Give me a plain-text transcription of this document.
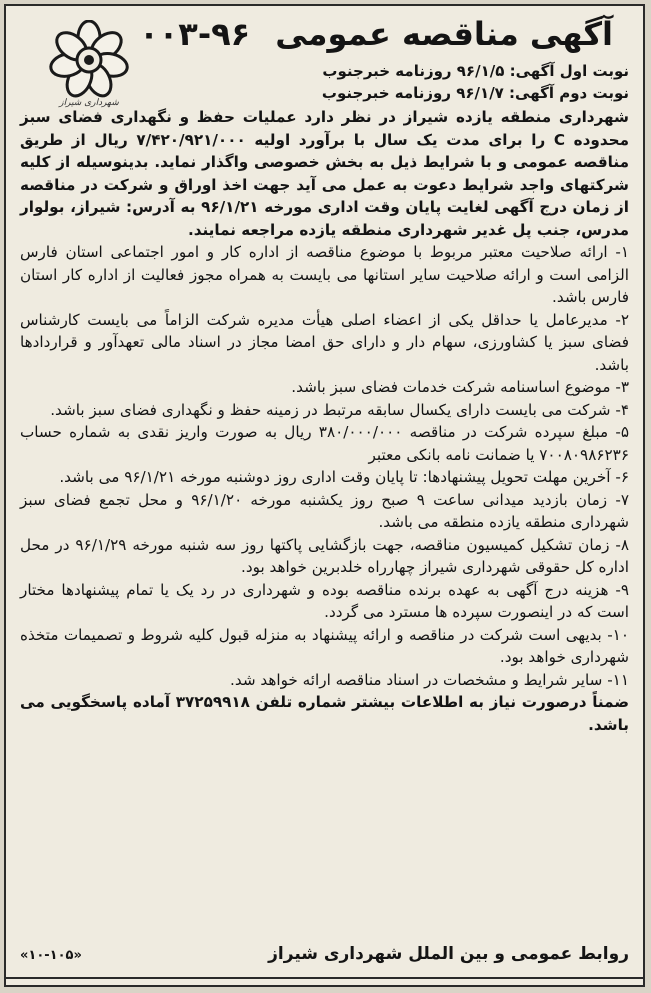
شهرداری شیراز
آگهی مناقصه عمومی ۹۶-۰۰۳
نوبت اول آگهی: ۹۶/۱/۵ روزنامه خبرجنوب
نوبت دوم آگهی: ۹۶/۱/۷ روزنامه خبرجنوب

شهرداری منطقه یازده شیراز در نظر دارد عملیات حفظ و نگهداری فضای سبز محدوده C را برای مدت یک سال با برآورد اولیه ۷/۴۲۰/۹۲۱/۰۰۰ ریال از طریق مناقصه عمومی و با شرایط ذیل به بخش خصوصی واگذار نماید. بدینوسیله از کلیه شرکتهای واجد شرایط دعوت به عمل می آید جهت اخذ اوراق و شرکت در مناقصه از زمان درج آگهی لغایت پایان وقت اداری مورخه ۹۶/۱/۲۱ به آدرس: شیراز، بولوار مدرس، جنب پل غدیر شهرداری منطقه یازده مراجعه نمایند.

۱- ارائه صلاحیت معتبر مربوط با موضوع مناقصه از اداره کار و امور اجتماعی استان فارس الزامی است و ارائه صلاحیت سایر استانها می بایست به همراه مجوز فعالیت از اداره کار استان فارس باشد.

۲- مدیرعامل یا حداقل یکی از اعضاء اصلی هیأت مدیره شرکت الزاماً می بایست کارشناس فضای سبز یا کشاورزی، سهام دار و دارای حق امضا مجاز در اسناد مالی تعهدآور و قراردادها باشد.

۳- موضوع اساسنامه شرکت خدمات فضای سبز باشد.

۴- شرکت می بایست دارای یکسال سابقه مرتبط در زمینه حفظ و نگهداری فضای سبز باشد.

۵- مبلغ سپرده شرکت در مناقصه ۳۸۰/۰۰۰/۰۰۰ ریال به صورت واریز نقدی به شماره حساب ۷۰۰۸۰۹۸۶۲۳۶ یا ضمانت نامه بانکی معتبر

۶- آخرین مهلت تحویل پیشنهادها: تا پایان وقت اداری روز دوشنبه مورخه ۹۶/۱/۲۱ می باشد.

۷- زمان بازدید میدانی ساعت ۹ صبح روز یکشنبه مورخه ۹۶/۱/۲۰ و محل تجمع فضای سبز شهرداری منطقه یازده منطقه می باشد.

۸- زمان تشکیل کمیسیون مناقصه، جهت بازگشایی پاکتها روز سه شنبه مورخه ۹۶/۱/۲۹ در محل اداره کل حقوقی شهرداری شیراز چهارراه خلدبرین خواهد بود.

۹- هزینه درج آگهی به عهده برنده مناقصه بوده و شهرداری در رد یک یا تمام پیشنهادها مختار است که در اینصورت سپرده ها مسترد می گردد.

۱۰- بدیهی است شرکت در مناقصه و ارائه پیشنهاد به منزله قبول کلیه شروط و تصمیمات متخذه شهرداری خواهد بود.

۱۱- سایر شرایط و مشخصات در اسناد مناقصه ارائه خواهد شد.

ضمناً درصورت نیاز به اطلاعات بیشتر شماره تلفن ۳۷۲۵۹۹۱۸ آماده پاسخگویی می باشد.

روابط عمومی و بین الملل شهرداری شیراز
«۱۰-۱۰۵»
